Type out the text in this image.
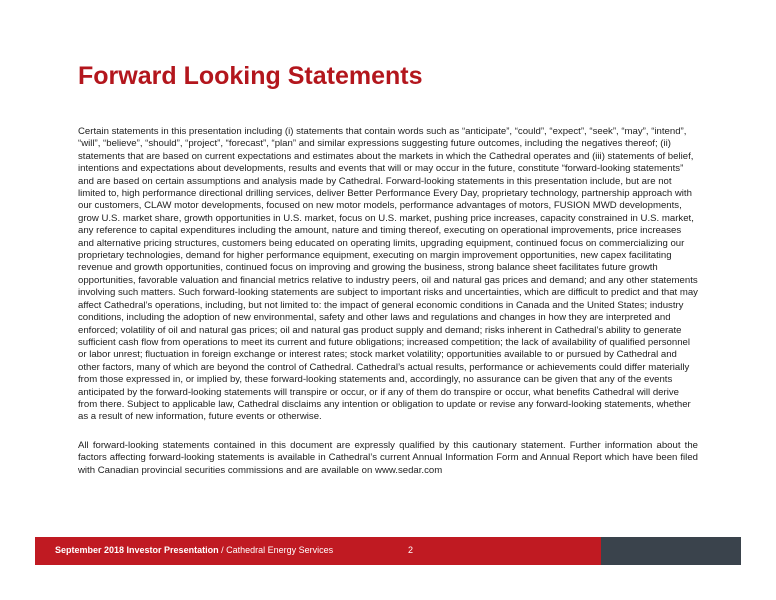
Forward Looking Statements

Certain statements in this presentation including (i) statements that contain words such as “anticipate”, “could”, “expect”, “seek”, “may”, “intend”, “will”, “believe”, “should”, “project”, “forecast”, “plan” and similar expressions suggesting future outcomes, including the negatives thereof; (ii) statements that are based on current expectations and estimates about the markets in which the Cathedral operates and (iii) statements of belief, intentions and expectations about developments, results and events that will or may occur in the future, constitute “forward-looking statements” and are based on certain assumptions and analysis made by Cathedral. Forward-looking statements in this presentation include, but are not limited to, high performance directional drilling services, deliver Better Performance Every Day, proprietary technology, partnership approach with our customers, CLAW motor developments, focused on new motor models, performance advantages of motors, FUSION MWD developments, grow U.S. market share, growth opportunities in U.S. market, focus on U.S. market, pushing price increases, capacity constrained in U.S. market, any reference to capital expenditures including the amount, nature and timing thereof, executing on operational improvements, price increases and alternative pricing structures, customers being educated on operating limits, upgrading equipment, continued focus on commercializing our proprietary technologies, demand for higher performance equipment, executing on margin improvement opportunities, new capex facilitating revenue and growth opportunities, continued focus on improving and growing the business, strong balance sheet facilitates future growth opportunities, favorable valuation and financial metrics relative to industry peers, oil and natural gas prices and demand; and any other statements involving such matters. Such forward-looking statements are subject to important risks and uncertainties, which are difficult to predict and that may affect Cathedral’s operations, including, but not limited to: the impact of general economic conditions in Canada and the United States; industry conditions, including the adoption of new environmental, safety and other laws and regulations and changes in how they are interpreted and enforced; volatility of oil and natural gas prices; oil and natural gas product supply and demand; risks inherent in Cathedral’s ability to generate sufficient cash flow from operations to meet its current and future obligations; increased competition; the lack of availability of qualified personnel or labor unrest; fluctuation in foreign exchange or interest rates; stock market volatility; opportunities available to or pursued by Cathedral and other factors, many of which are beyond the control of Cathedral. Cathedral’s actual results, performance or achievements could differ materially from those expressed in, or implied by, these forward-looking statements and, accordingly, no assurance can be given that any of the events anticipated by the forward-looking statements will transpire or occur, or if any of them do transpire or occur, what benefits Cathedral will derive from there. Subject to applicable law, Cathedral disclaims any intention or obligation to update or revise any forward-looking statements, whether as a result of new information, future events or otherwise.

All forward-looking statements contained in this document are expressly qualified by this cautionary statement. Further information about the factors affecting forward-looking statements is available in Cathedral’s current Annual Information Form and Annual Report which have been filed with Canadian provincial securities commissions and are available on www.sedar.com

September 2018 Investor Presentation / Cathedral Energy Services	2
